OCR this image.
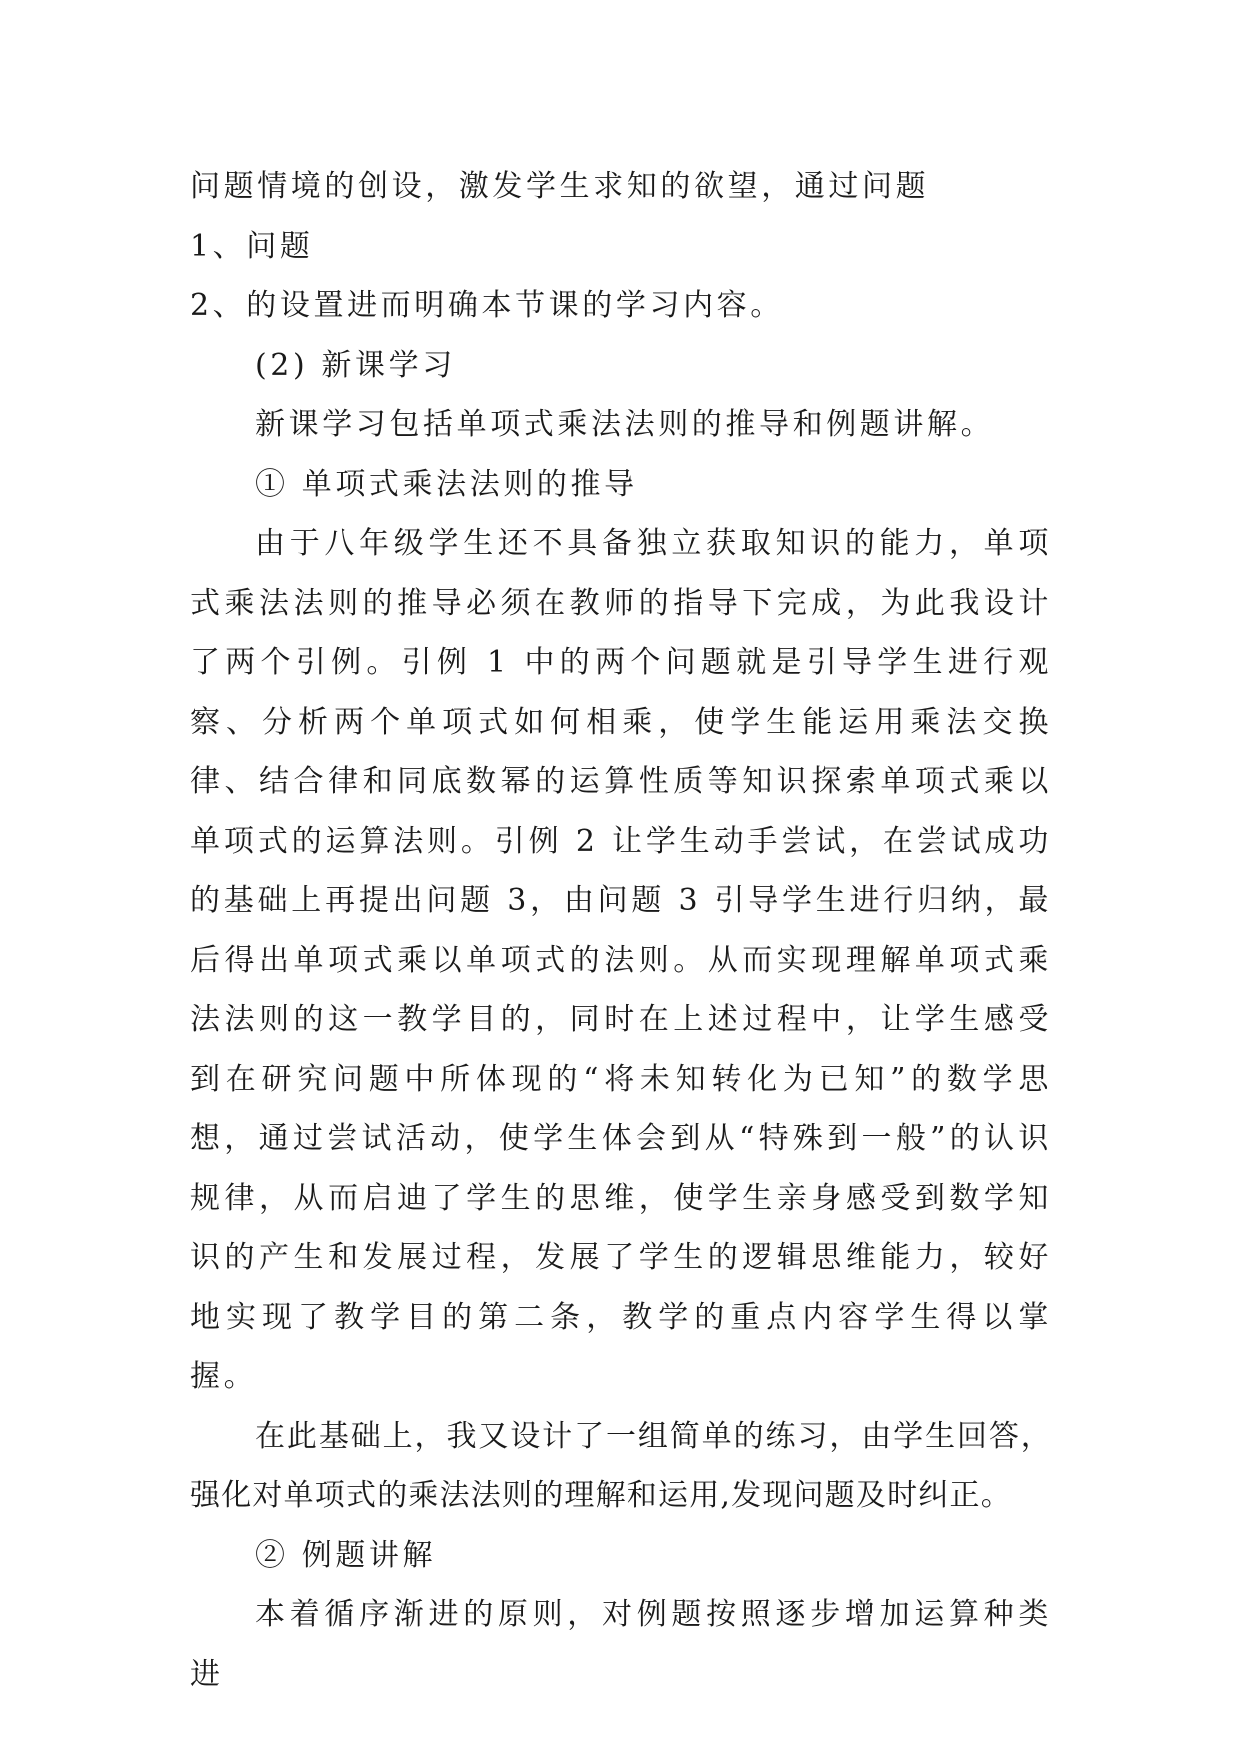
问题情境的创设，激发学生求知的欲望，通过问题

1、问题

2、的设置进而明确本节课的学习内容。

(2) 新课学习

新课学习包括单项式乘法法则的推导和例题讲解。

① 单项式乘法法则的推导

由于八年级学生还不具备独立获取知识的能力，单项式乘法法则的推导必须在教师的指导下完成，为此我设计了两个引例。引例 1 中的两个问题就是引导学生进行观察、分析两个单项式如何相乘，使学生能运用乘法交换律、结合律和同底数幂的运算性质等知识探索单项式乘以单项式的运算法则。引例 2 让学生动手尝试，在尝试成功的基础上再提出问题 3，由问题 3 引导学生进行归纳，最后得出单项式乘以单项式的法则。从而实现理解单项式乘法法则的这一教学目的，同时在上述过程中，让学生感受到在研究问题中所体现的“将未知转化为已知”的数学思想，通过尝试活动，使学生体会到从“特殊到一般”的认识规律，从而启迪了学生的思维，使学生亲身感受到数学知识的产生和发展过程，发展了学生的逻辑思维能力，较好地实现了教学目的第二条，教学的重点内容学生得以掌握。

在此基础上，我又设计了一组简单的练习，由学生回答，强化对单项式的乘法法则的理解和运用,发现问题及时纠正。

② 例题讲解

本着循序渐进的原则，对例题按照逐步增加运算种类进
